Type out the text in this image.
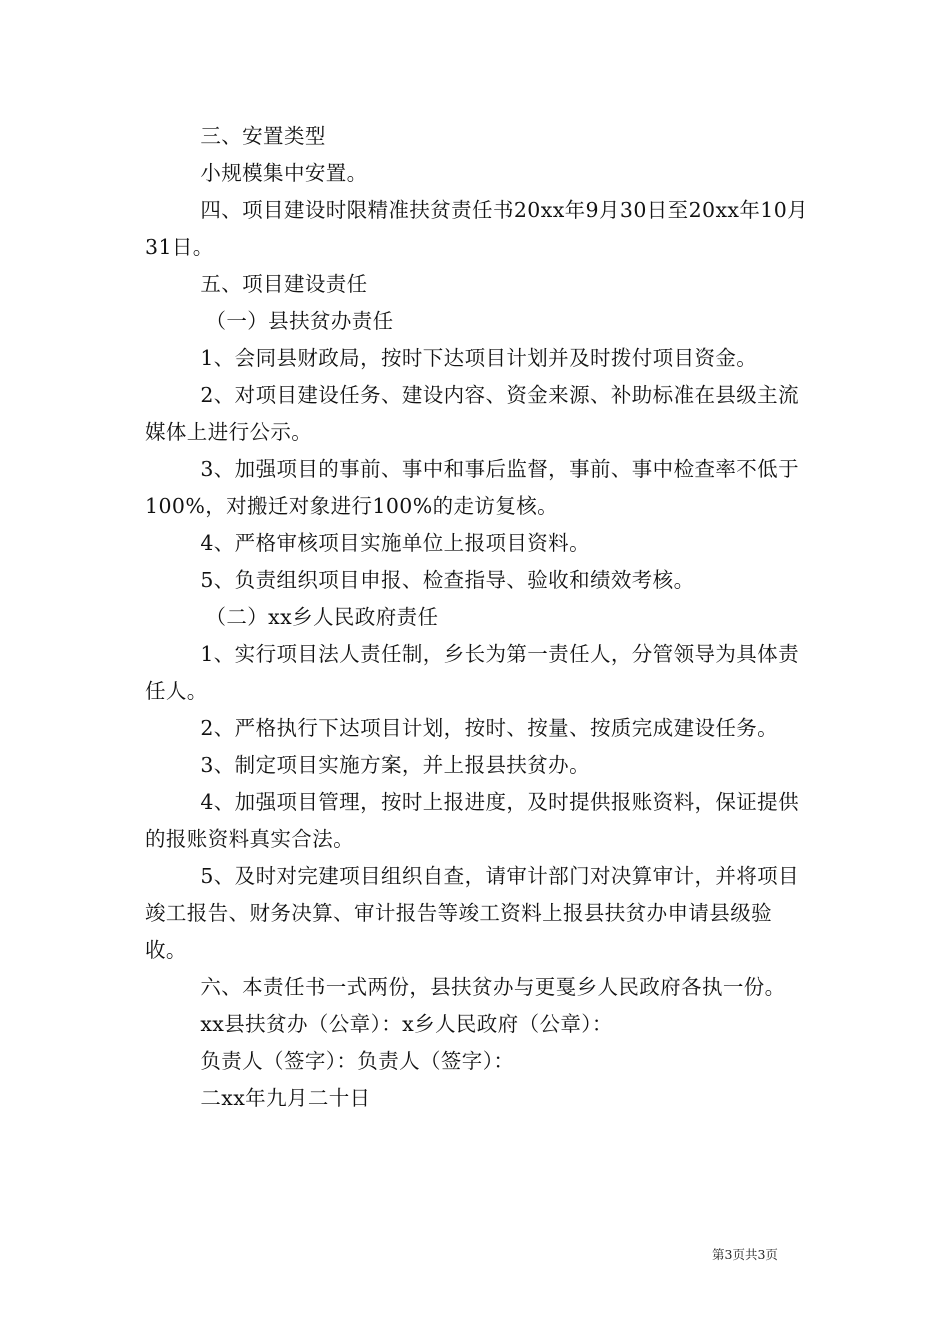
三、安置类型

小规模集中安置。

四、项目建设时限精准扶贫责任书20xx年9月30日至20xx年10月31日。

五、项目建设责任

（一）县扶贫办责任

1、会同县财政局，按时下达项目计划并及时拨付项目资金。

2、对项目建设任务、建设内容、资金来源、补助标准在县级主流媒体上进行公示。

3、加强项目的事前、事中和事后监督，事前、事中检查率不低于100%，对搬迁对象进行100%的走访复核。

4、严格审核项目实施单位上报项目资料。

5、负责组织项目申报、检查指导、验收和绩效考核。

（二）xx乡人民政府责任

1、实行项目法人责任制，乡长为第一责任人，分管领导为具体责任人。

2、严格执行下达项目计划，按时、按量、按质完成建设任务。

3、制定项目实施方案，并上报县扶贫办。

4、加强项目管理，按时上报进度，及时提供报账资料，保证提供的报账资料真实合法。

5、及时对完建项目组织自查，请审计部门对决算审计，并将项目竣工报告、财务决算、审计报告等竣工资料上报县扶贫办申请县级验收。

六、本责任书一式两份，县扶贫办与更戛乡人民政府各执一份。

xx县扶贫办（公章）：x乡人民政府（公章）：

负责人（签字）：负责人（签字）：

二xx年九月二十日

第3页共3页
